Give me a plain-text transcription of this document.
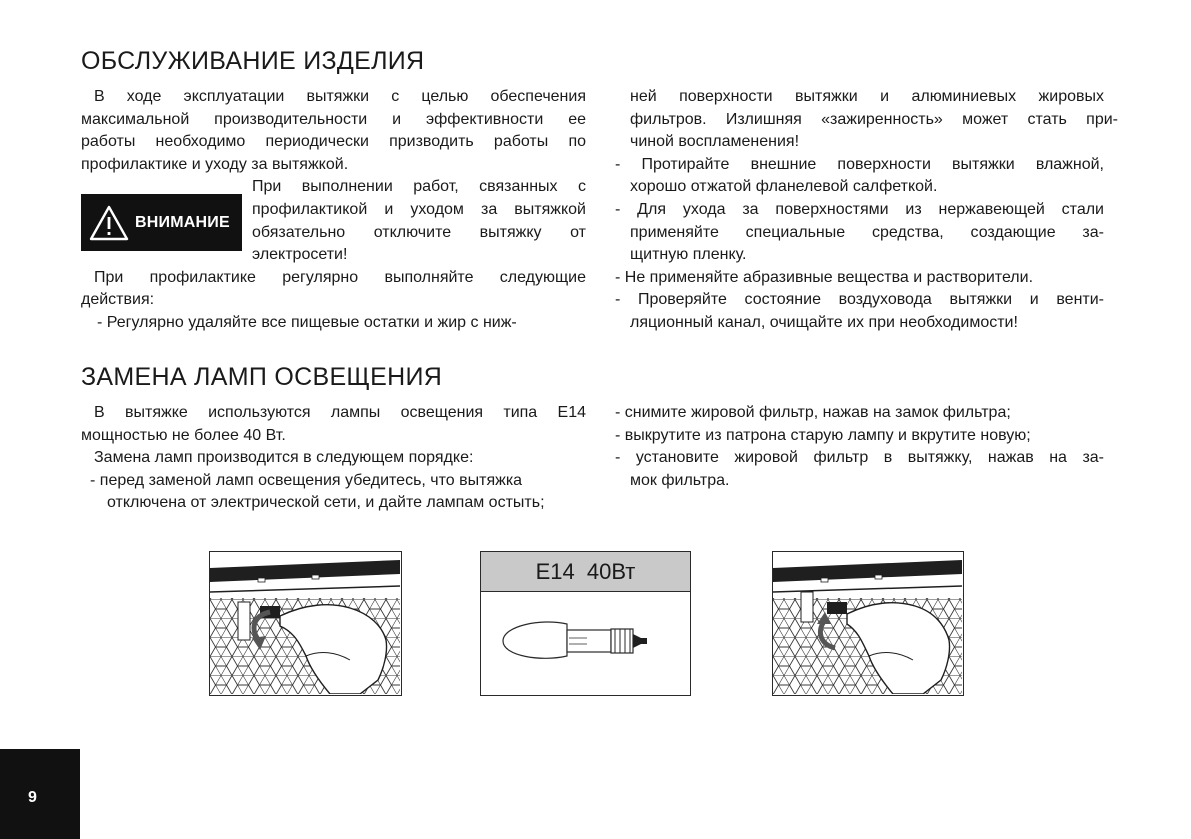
ОБСЛУЖИВАНИЕ ИЗДЕЛИЯ

В ходе эксплуатации вытяжки с целью обеспечения

максимальной производительности и эффективности ее

работы необходимо периодически призводить работы по

профилактике и уходу за вытяжкой.

ВНИМАНИЕ

При выполнении работ, связанных с

профилактикой и уходом за вытяжкой

обязательно отключите вытяжку от

электросети!

При профилактике регулярно выполняйте следующие

действия:

- Регулярно удаляйте все пищевые остатки и жир с ниж-

ней поверхности вытяжки и алюминиевых жировых

фильтров. Излишняя «зажиренность» может стать при-

чиной воспламенения!

- Протирайте внешние поверхности вытяжки влажной,

хорошо отжатой фланелевой салфеткой.

- Для ухода за поверхностями из нержавеющей стали

применяйте специальные средства, создающие за-

щитную пленку.

- Не применяйте абразивные вещества и растворители.

- Проверяйте состояние воздуховода вытяжки и венти-

ляционный канал, очищайте их при необходимости!

ЗАМЕНА ЛАМП ОСВЕЩЕНИЯ

В вытяжке используются лампы освещения типа Е14

мощностью не более 40 Вт.

Замена ламп производится в следующем порядке:

- перед заменой ламп освещения убедитесь, что вытяжка

отключена от электрической сети, и дайте лампам остыть;

- снимите жировой фильтр, нажав на замок фильтра;

- выкрутите из патрона старую лампу и вкрутите новую;

- установите жировой фильтр в вытяжку, нажав на за-

мок фильтра.

Е14 40Вт
9
